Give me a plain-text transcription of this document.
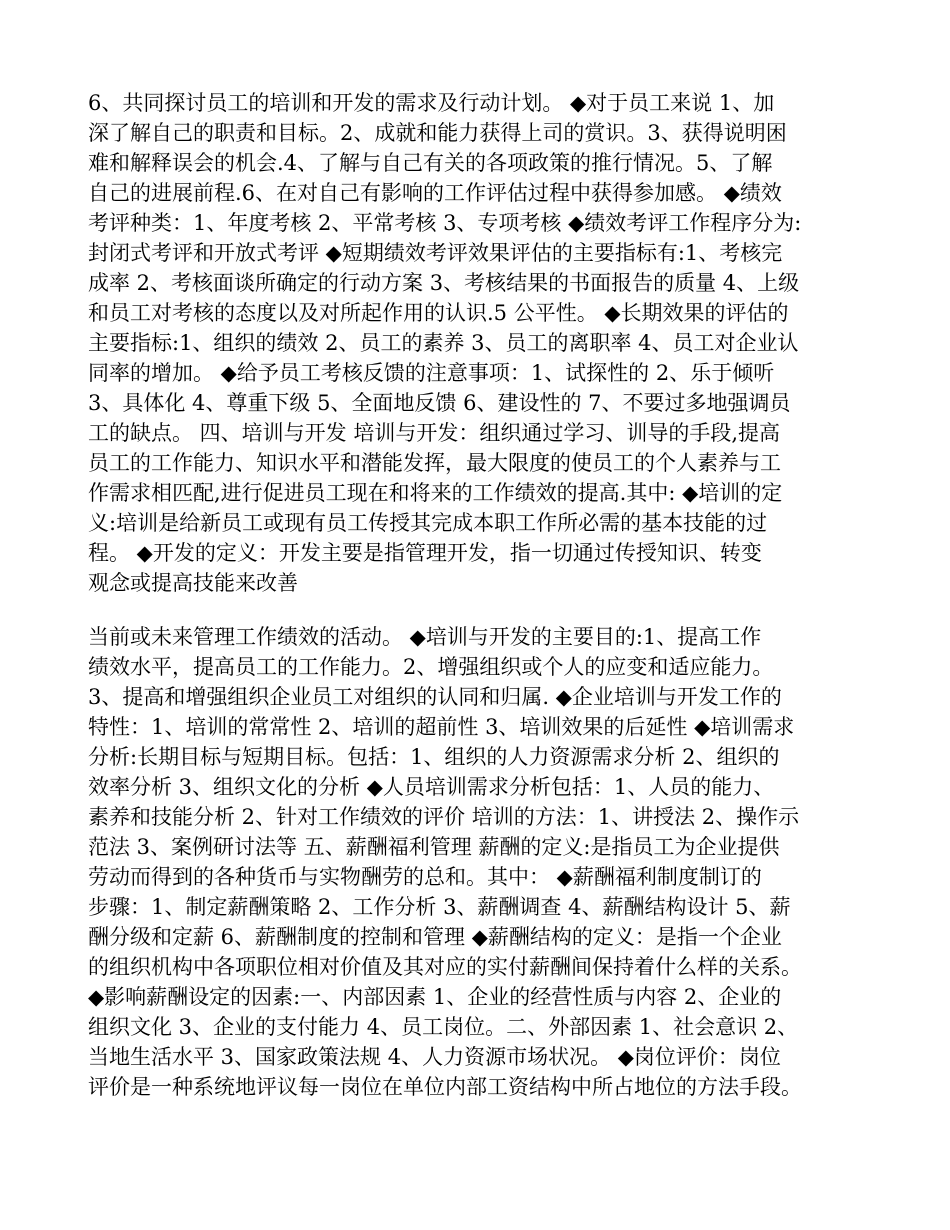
6、共同探讨员工的培训和开发的需求及行动计划。 ◆对于员工来说 1、加
深了解自己的职责和目标。2、成就和能力获得上司的赏识。3、获得说明困
难和解释误会的机会.4、了解与自己有关的各项政策的推行情况。5、了解
自己的进展前程.6、在对自己有影响的工作评估过程中获得参加感。 ◆绩效
考评种类：1、年度考核 2、平常考核 3、专项考核 ◆绩效考评工作程序分为:
封闭式考评和开放式考评 ◆短期绩效考评效果评估的主要指标有:1、考核完
成率 2、考核面谈所确定的行动方案 3、考核结果的书面报告的质量 4、上级
和员工对考核的态度以及对所起作用的认识.5 公平性。 ◆长期效果的评估的
主要指标:1、组织的绩效 2、员工的素养 3、员工的离职率 4、员工对企业认
同率的增加。 ◆给予员工考核反馈的注意事项：1、试探性的 2、乐于倾听
3、具体化 4、尊重下级 5、全面地反馈 6、建设性的 7、不要过多地强调员
工的缺点。 四、培训与开发 培训与开发：组织通过学习、训导的手段,提高
员工的工作能力、知识水平和潜能发挥，最大限度的使员工的个人素养与工
作需求相匹配,进行促进员工现在和将来的工作绩效的提高.其中: ◆培训的定
义:培训是给新员工或现有员工传授其完成本职工作所必需的基本技能的过
程。 ◆开发的定义：开发主要是指管理开发，指一切通过传授知识、转变
观念或提高技能来改善
当前或未来管理工作绩效的活动。 ◆培训与开发的主要目的:1、提高工作
绩效水平，提高员工的工作能力。2、增强组织或个人的应变和适应能力。
3、提高和增强组织企业员工对组织的认同和归属. ◆企业培训与开发工作的
特性：1、培训的常常性 2、培训的超前性 3、培训效果的后延性 ◆培训需求
分析:长期目标与短期目标。包括：1、组织的人力资源需求分析 2、组织的
效率分析 3、组织文化的分析 ◆人员培训需求分析包括：1、人员的能力、
素养和技能分析 2、针对工作绩效的评价 培训的方法：1、讲授法 2、操作示
范法 3、案例研讨法等 五、薪酬福利管理 薪酬的定义:是指员工为企业提供
劳动而得到的各种货币与实物酬劳的总和。其中： ◆薪酬福利制度制订的
步骤：1、制定薪酬策略 2、工作分析 3、薪酬调查 4、薪酬结构设计 5、薪
酬分级和定薪 6、薪酬制度的控制和管理 ◆薪酬结构的定义：是指一个企业
的组织机构中各项职位相对价值及其对应的实付薪酬间保持着什么样的关系。
◆影响薪酬设定的因素:一、内部因素 1、企业的经营性质与内容 2、企业的
组织文化 3、企业的支付能力 4、员工岗位。二、外部因素 1、社会意识 2、
当地生活水平 3、国家政策法规 4、人力资源市场状况。 ◆岗位评价：岗位
评价是一种系统地评议每一岗位在单位内部工资结构中所占地位的方法手段。
